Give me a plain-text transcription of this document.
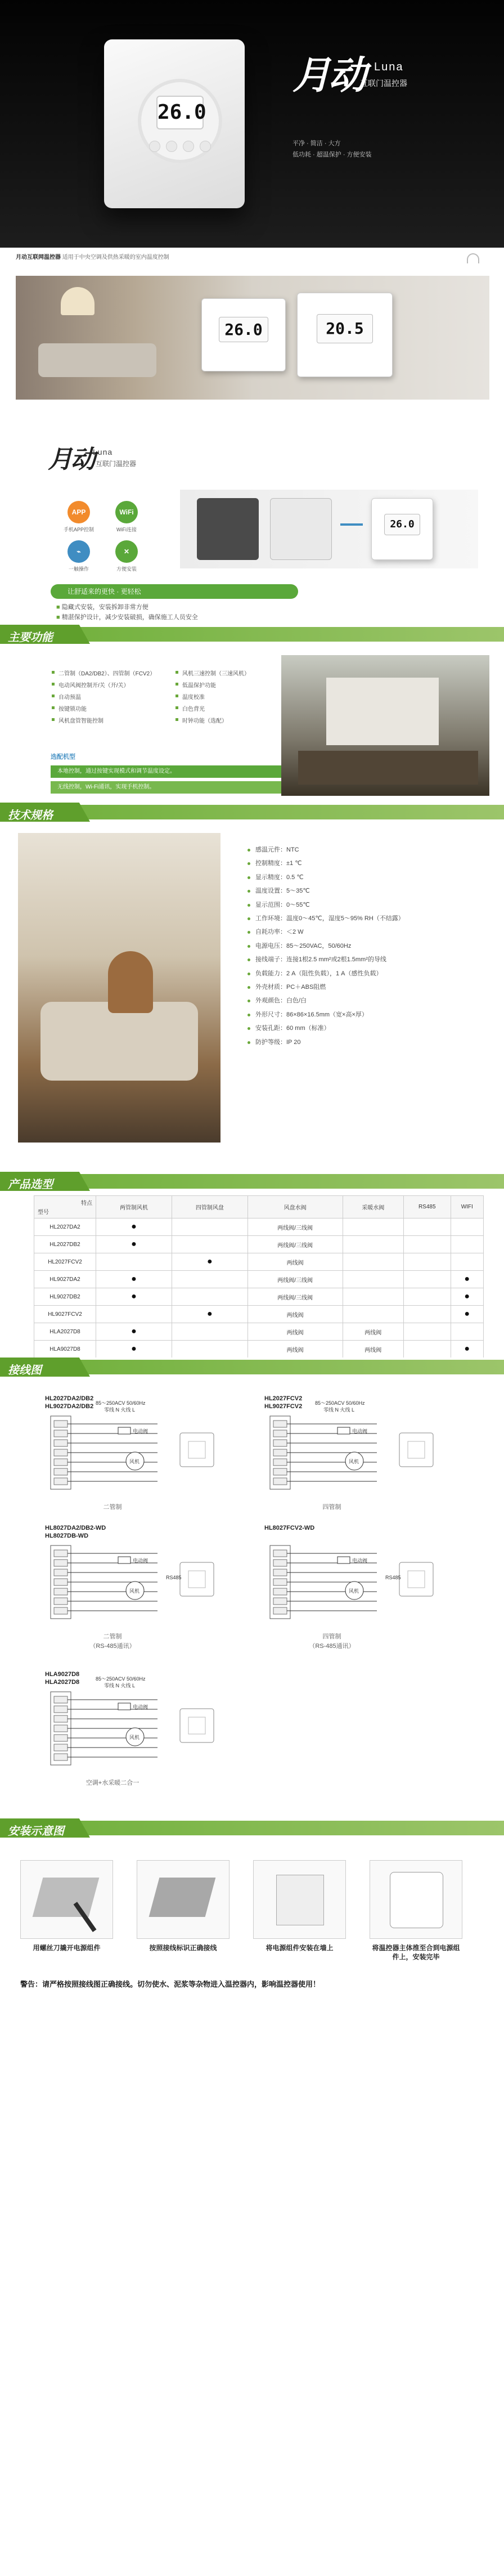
26.0
月动 Luna
互联门温控器
平净 · 简洁 · 大方
低功耗 · 超温保护 · 方便安装
月动互联网温控器 适用于中央空调及供热采暖的室内温度控制
26.0	20.5
月动
Luna
互联门温控器
APP
手机APP控制
WiFi
WiFi连接
⌁
一触操作
✕
方便安装
26.0
让舒适来的更快 · 更轻松
■ 隐藏式安装，安装拆卸非常方便
■ 精湛保护设计，减少安装破损，确保施工人员安全
主要功能
二管制（DA2/DB2）、四管制（FCV2）	风机三速控制（三速风机）
电动风阀控制开/关（开/关）	低温保护功能
自动预温	温度校准
按键锁功能	白色背光
风机盘管智能控制	时钟功能（选配）
选配机型
本地控制，通过按键实现模式和调节温度设定。
无线控制，Wi-Fi通讯，实现手机控制。
技术规格
感温元件：NTC
控制精度：±1 ℃
显示精度：0.5 ℃
温度设置：5～35℃
显示范围：0～55℃
工作环境：温度0～45℃，湿度5～95% RH（不结露）
自耗功率：＜2 W
电源电压：85～250VAC，50/60Hz
接线端子：连接1根2.5 mm²或2根1.5mm²的导线
负载能力：2 A（阻性负载），1 A（感性负载）
外壳材质：PC＋ABS阻燃
外观颜色：白色/白
外形尺寸：86×86×16.5mm（宽×高×厚）
安装孔距：60 mm（标准）
防护等级：IP 20
产品选型
特点
型号	两管制风机	四管制风盘	风盘水阀	采暖水阀	RS485	WIFI
HL2027DA2	●		两线阀/三线阀			
HL2027DB2	●		两线阀/三线阀			
HL2027FCV2		●	两线阀			
HL9027DA2	●		两线阀/三线阀			●
HL9027DB2	●		两线阀/三线阀			●
HL9027FCV2		●	两线阀			●
HLA2027D8	●		两线阀	两线阀		
HLA9027D8	●		两线阀	两线阀		●
接线图
HL2027DA2/DB2
HL9027DA2/DB2
风机
电动阀
85～250ACV 50/60Hz
零线 N 火线 L
二管制
HL2027FCV2
HL9027FCV2
风机
电动阀
85～250ACV 50/60Hz
零线 N 火线 L
四管制
HL8027DA2/DB2-WD
HL8027DB-WD
风机
电动阀
RS485
二管制
（RS-485通讯）
HL8027FCV2-WD
风机
电动阀
RS485
四管制
（RS-485通讯）
HLA9027D8
HLA2027D8
风机
电动阀
85～250ACV 50/60Hz
零线 N 火线 L
空调+水采暖二合一
安装示意图
用螺丝刀撬开电源组件	按照接线标识正确接线	将电源组件安装在墙上	将温控器主体推至合到电源组件上，安装完毕
警告：请严格按照接线图正确接线。切勿使水、泥浆等杂物进入温控器内，影响温控器使用！
